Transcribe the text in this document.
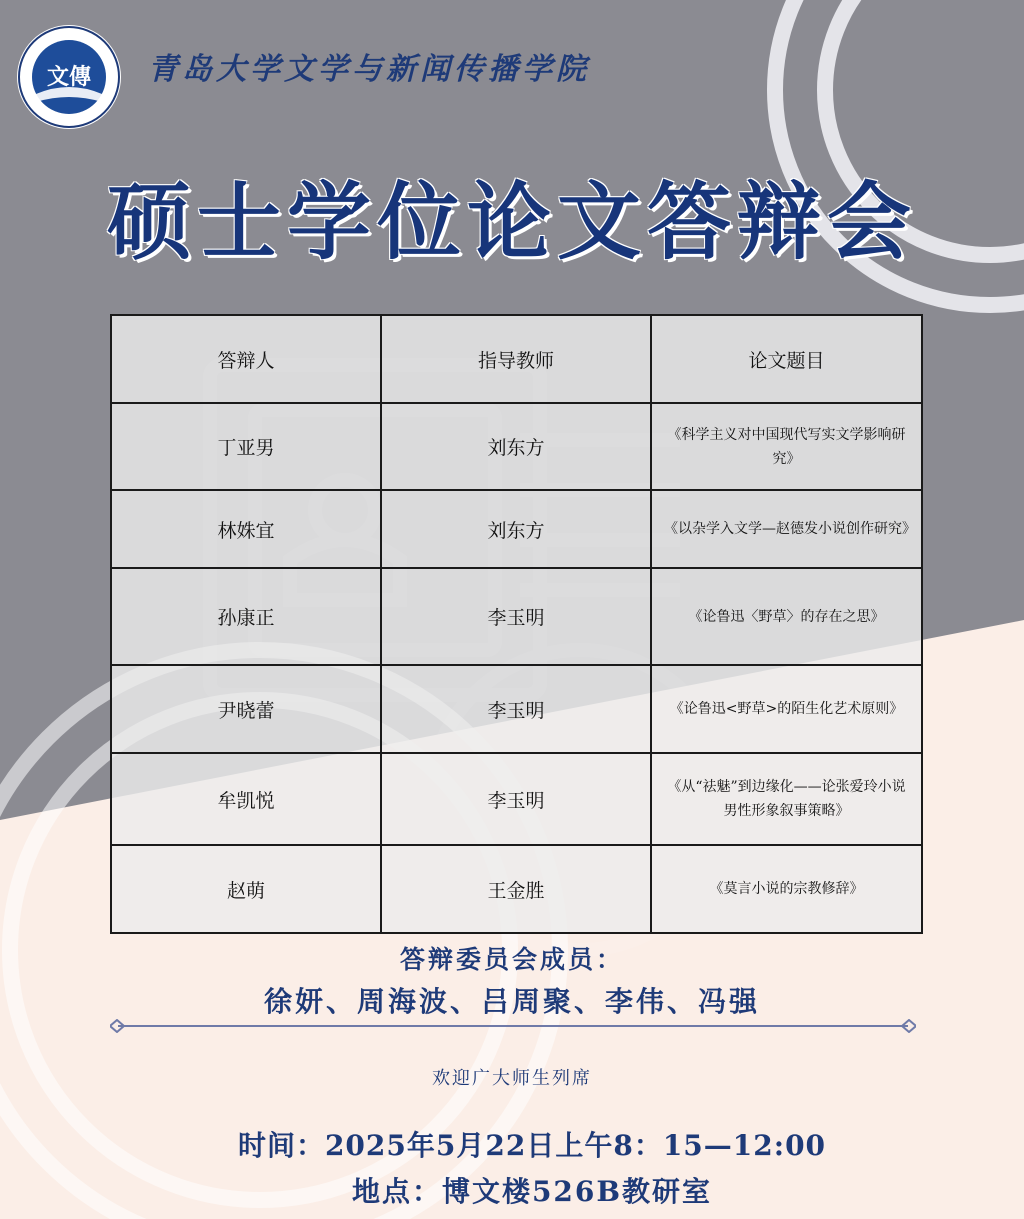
文傳 青岛大学文学与新闻传播学院
硕士学位论文答辩会
答辩人	指导教师	论文题目
丁亚男	刘东方	《科学主义对中国现代写实文学影响研究》
林姝宜	刘东方	《以杂学入文学—赵德发小说创作研究》
孙康正	李玉明	《论鲁迅〈野草〉的存在之思》
尹晓蕾	李玉明	《论鲁迅<野草>的陌生化艺术原则》
牟凯悦	李玉明	《从“祛魅”到边缘化——论张爱玲小说男性形象叙事策略》
赵萌	王金胜	《莫言小说的宗教修辞》
答辩委员会成员：
徐妍、周海波、吕周聚、李伟、冯强
欢迎广大师生列席
时间：2025年5月22日上午8：15—12:00
地点：博文楼526B教研室
